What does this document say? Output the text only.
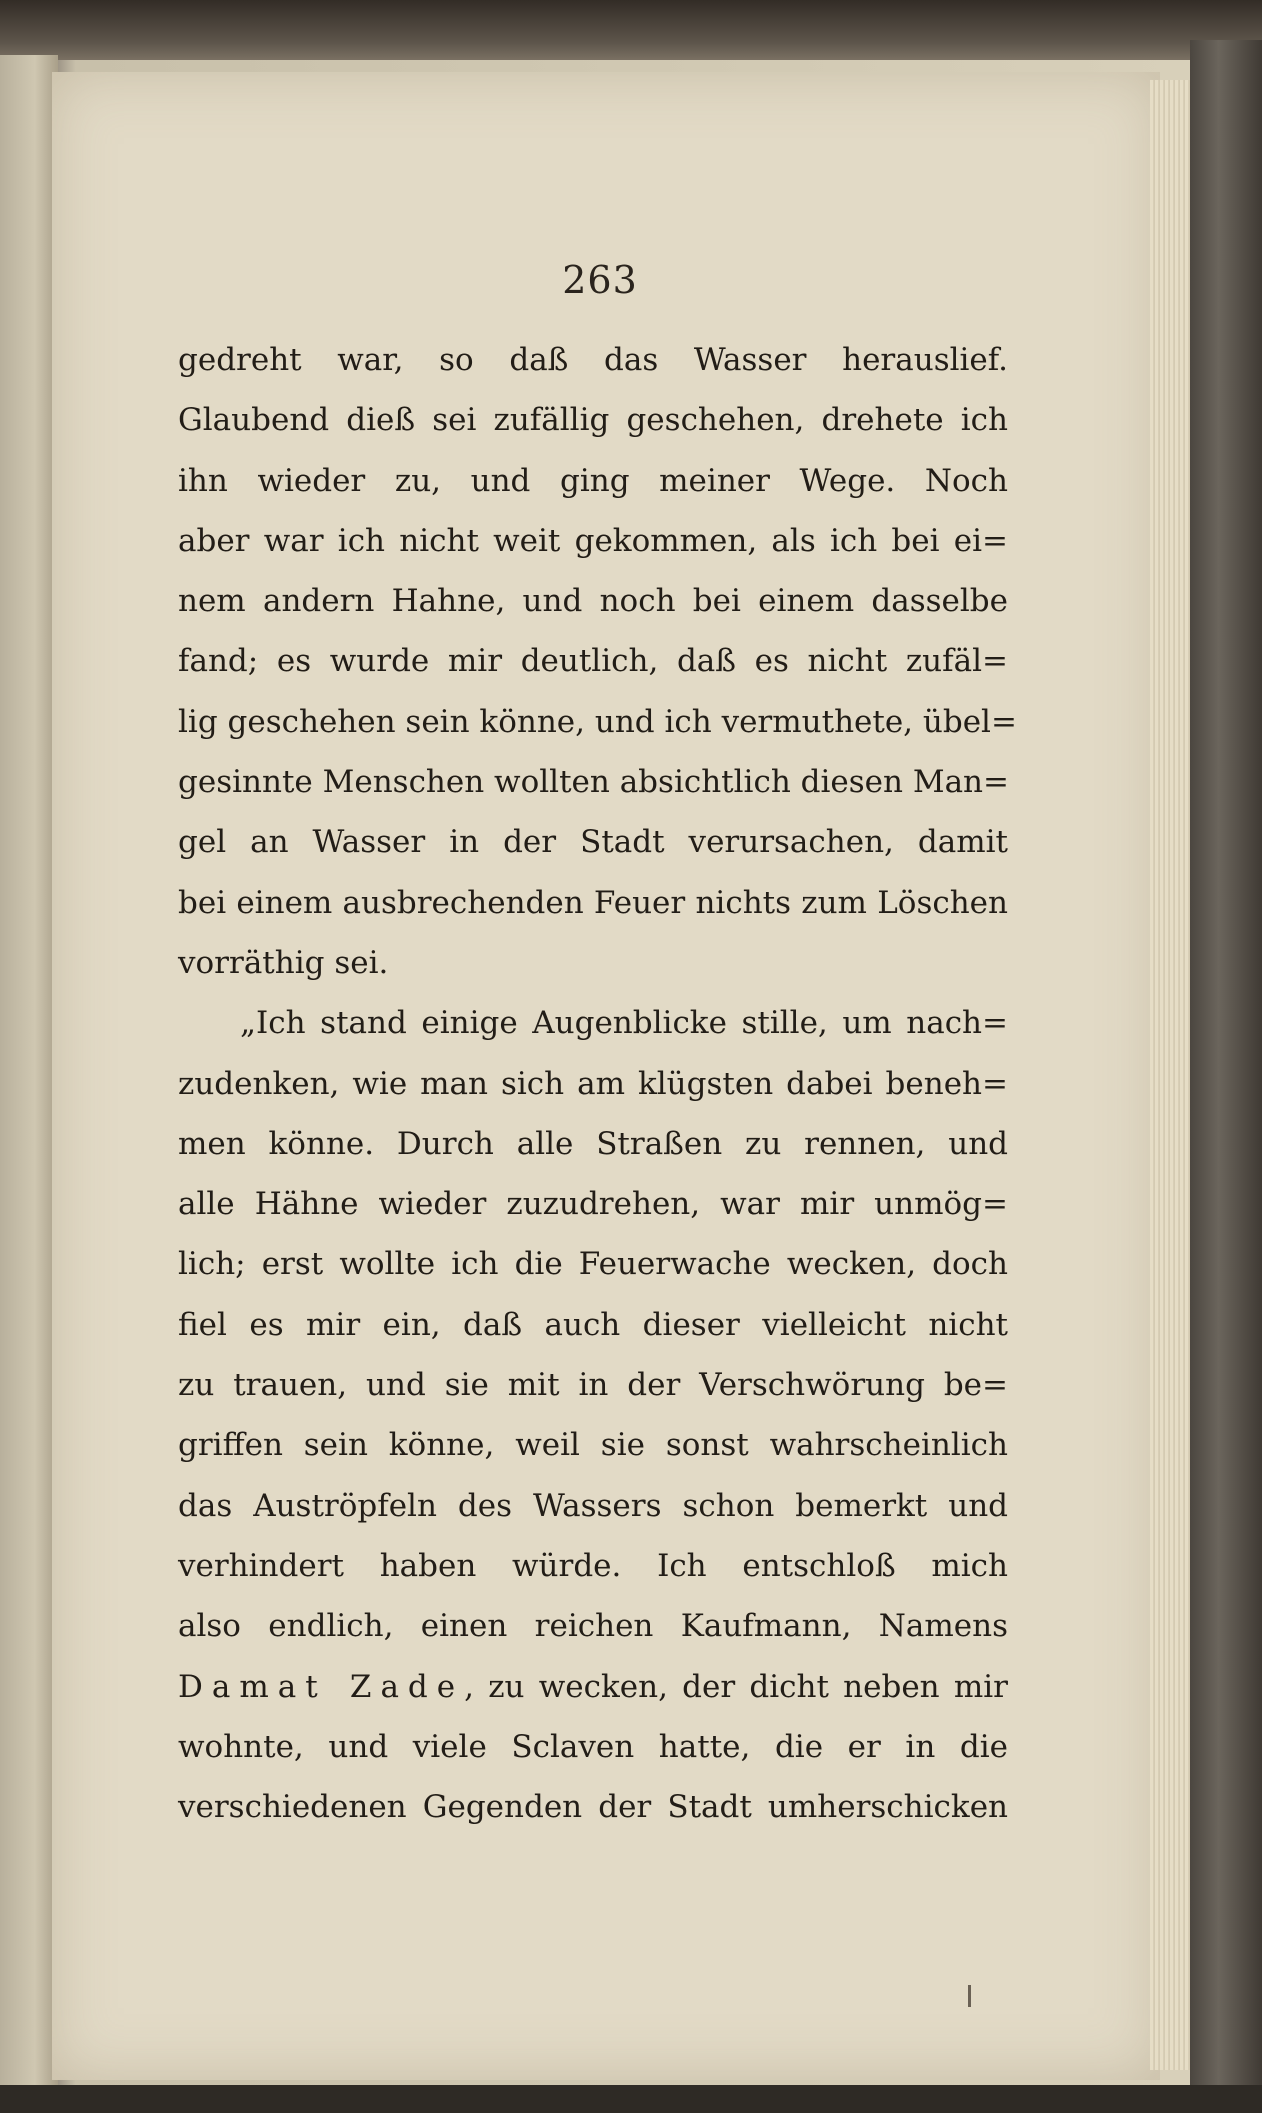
263
gedreht war, so daß das Wasser herauslief.
Glaubend dieß sei zufällig geschehen, drehete ich
ihn wieder zu, und ging meiner Wege. Noch
aber war ich nicht weit gekommen, als ich bei ei=
nem andern Hahne, und noch bei einem dasselbe
fand; es wurde mir deutlich, daß es nicht zufäl=
lig geschehen sein könne, und ich vermuthete, übel=
gesinnte Menschen wollten absichtlich diesen Man=
gel an Wasser in der Stadt verursachen, damit
bei einem ausbrechenden Feuer nichts zum Löschen
vorräthig sei.
„Ich stand einige Augenblicke stille, um nach=
zudenken, wie man sich am klügsten dabei beneh=
men könne. Durch alle Straßen zu rennen, und
alle Hähne wieder zuzudrehen, war mir unmög=
lich; erst wollte ich die Feuerwache wecken, doch
fiel es mir ein, daß auch dieser vielleicht nicht
zu trauen, und sie mit in der Verschwörung be=
griffen sein könne, weil sie sonst wahrscheinlich
das Auströpfeln des Wassers schon bemerkt und
verhindert haben würde. Ich entschloß mich
also endlich, einen reichen Kaufmann, Namens
Damat Zade, zu wecken, der dicht neben mir
wohnte, und viele Sclaven hatte, die er in die
verschiedenen Gegenden der Stadt umherschicken
